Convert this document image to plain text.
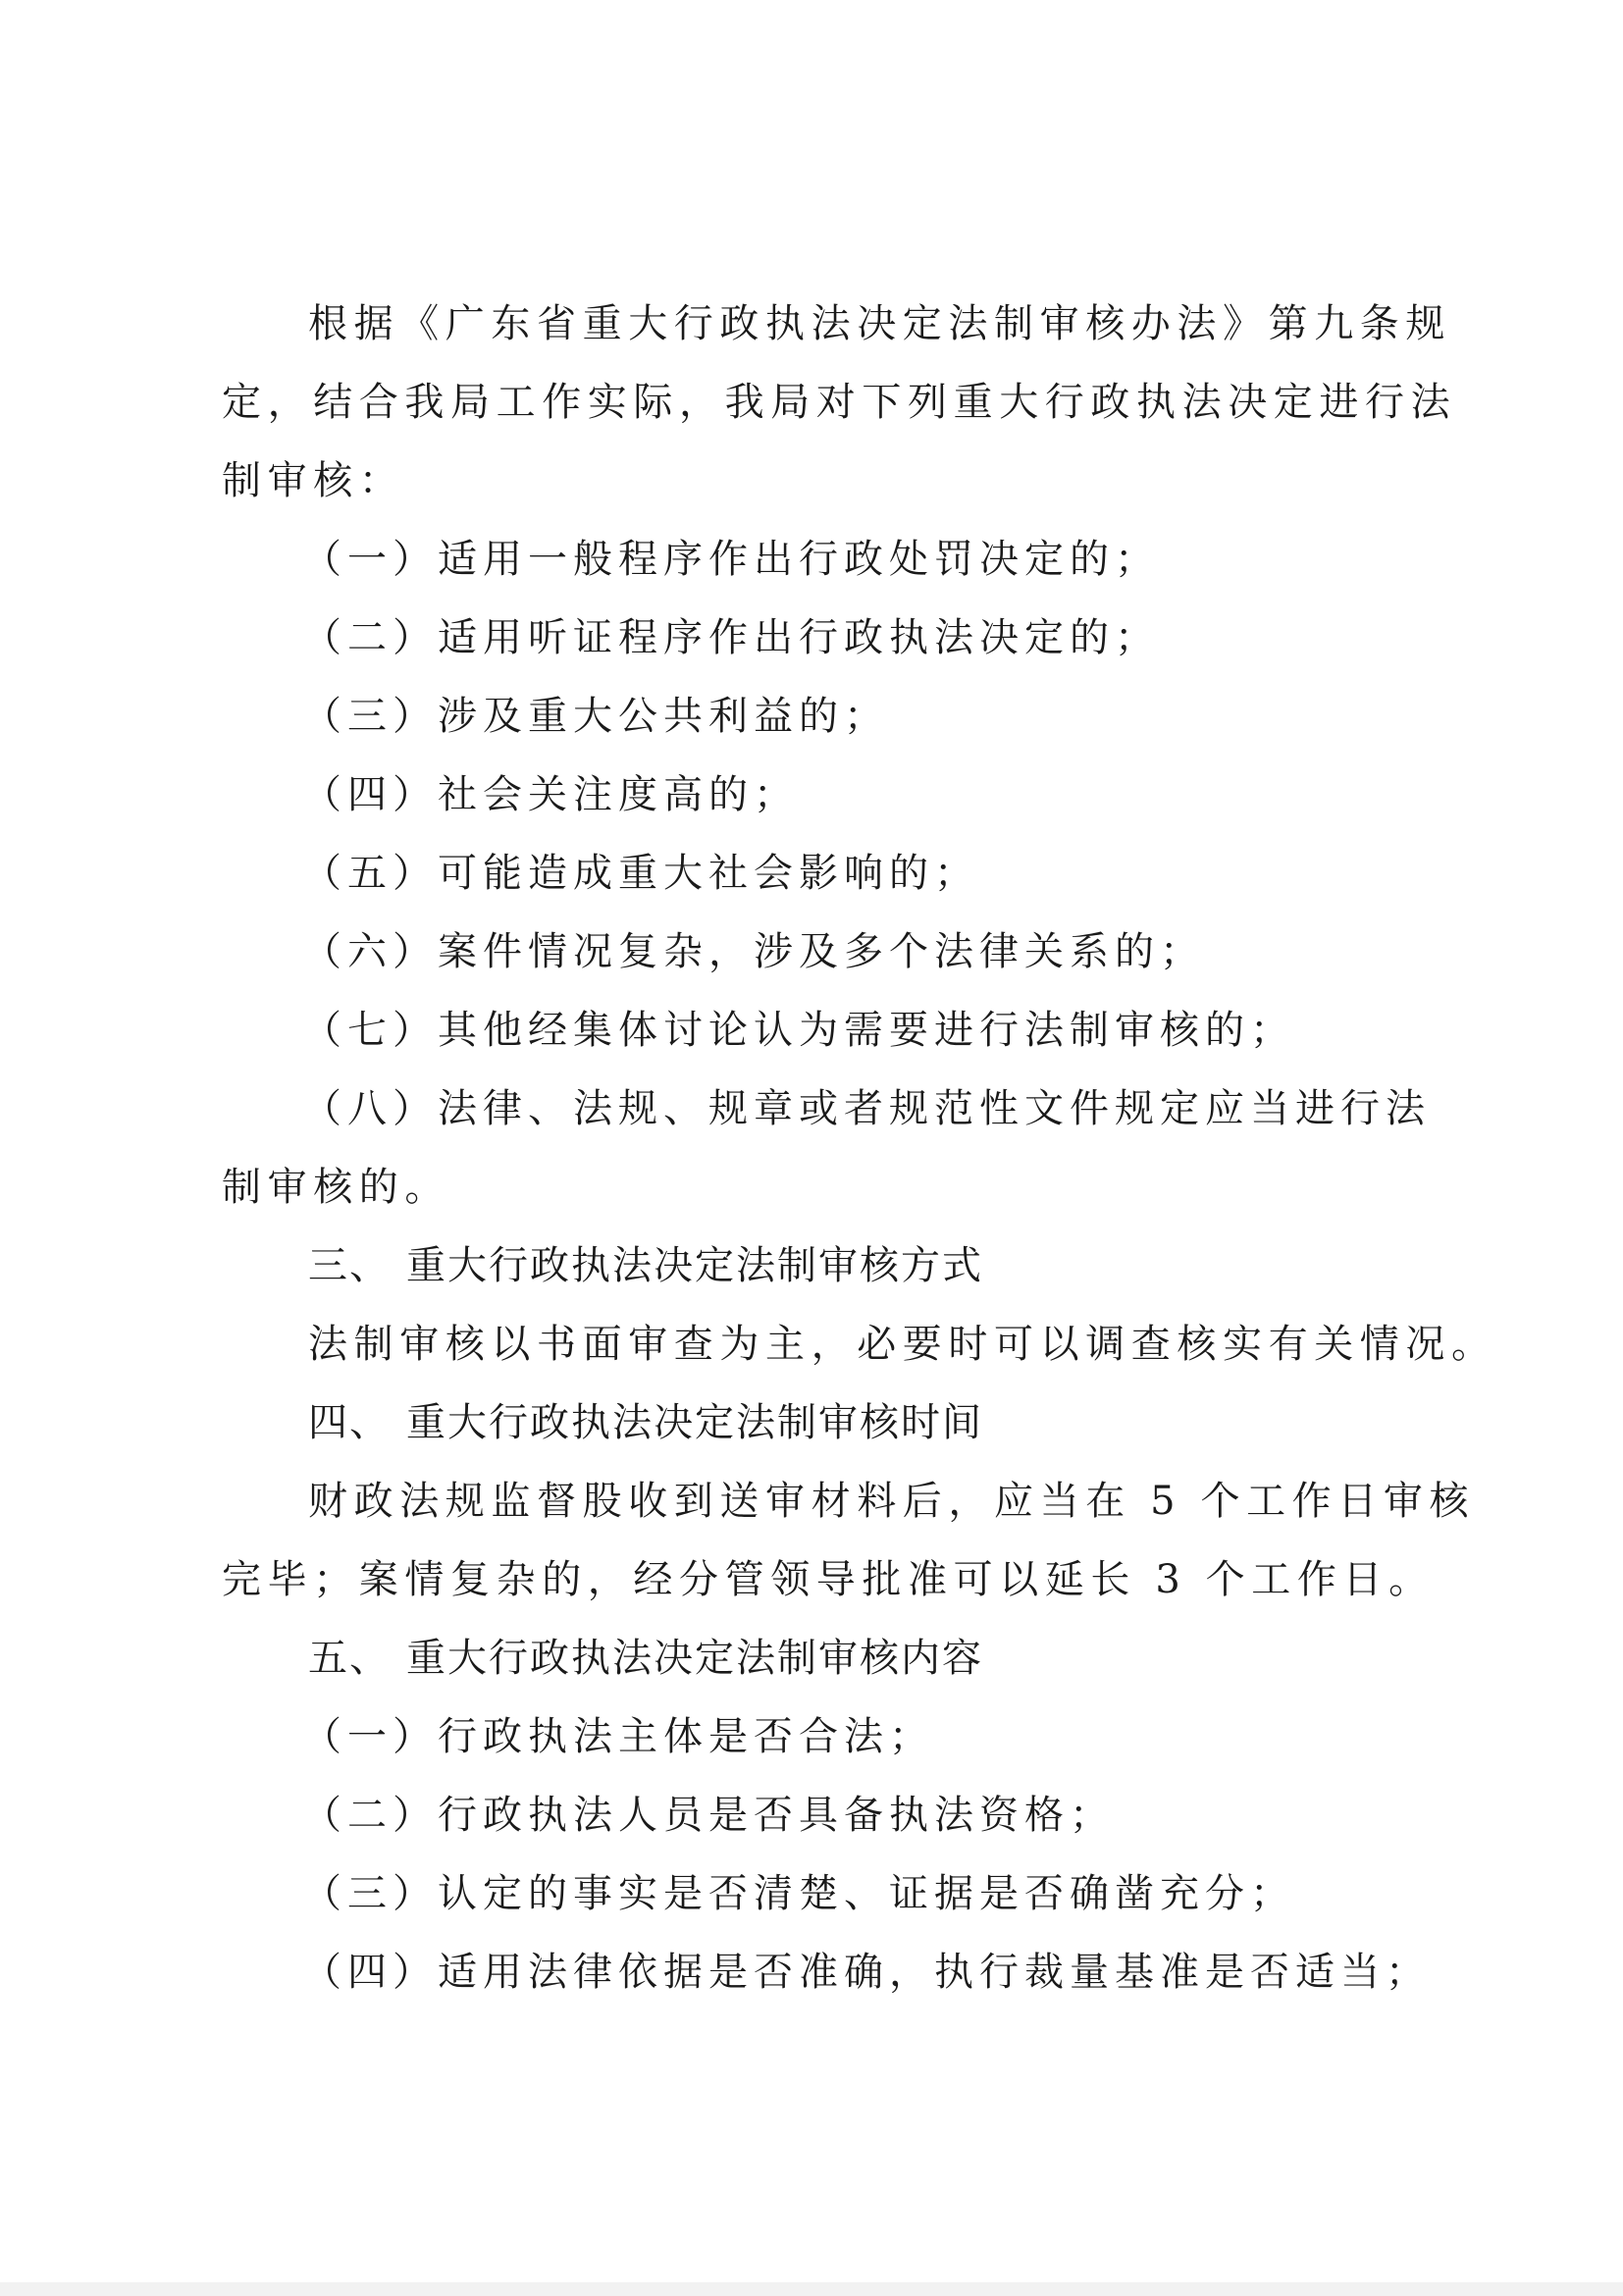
根据《广东省重大行政执法决定法制审核办法》第九条规
定，结合我局工作实际，我局对下列重大行政执法决定进行法
制审核：
（一）适用一般程序作出行政处罚决定的；
（二）适用听证程序作出行政执法决定的；
（三）涉及重大公共利益的；
（四）社会关注度高的；
（五）可能造成重大社会影响的；
（六）案件情况复杂，涉及多个法律关系的；
（七）其他经集体讨论认为需要进行法制审核的；
（八）法律、法规、规章或者规范性文件规定应当进行法
制审核的。
三、 重大行政执法决定法制审核方式
法制审核以书面审查为主，必要时可以调查核实有关情况。
四、 重大行政执法决定法制审核时间
财政法规监督股收到送审材料后，应当在 5 个工作日审核
完毕；案情复杂的，经分管领导批准可以延长 3 个工作日。
五、 重大行政执法决定法制审核内容
（一）行政执法主体是否合法；
（二）行政执法人员是否具备执法资格；
（三）认定的事实是否清楚、证据是否确凿充分；
（四）适用法律依据是否准确，执行裁量基准是否适当；
